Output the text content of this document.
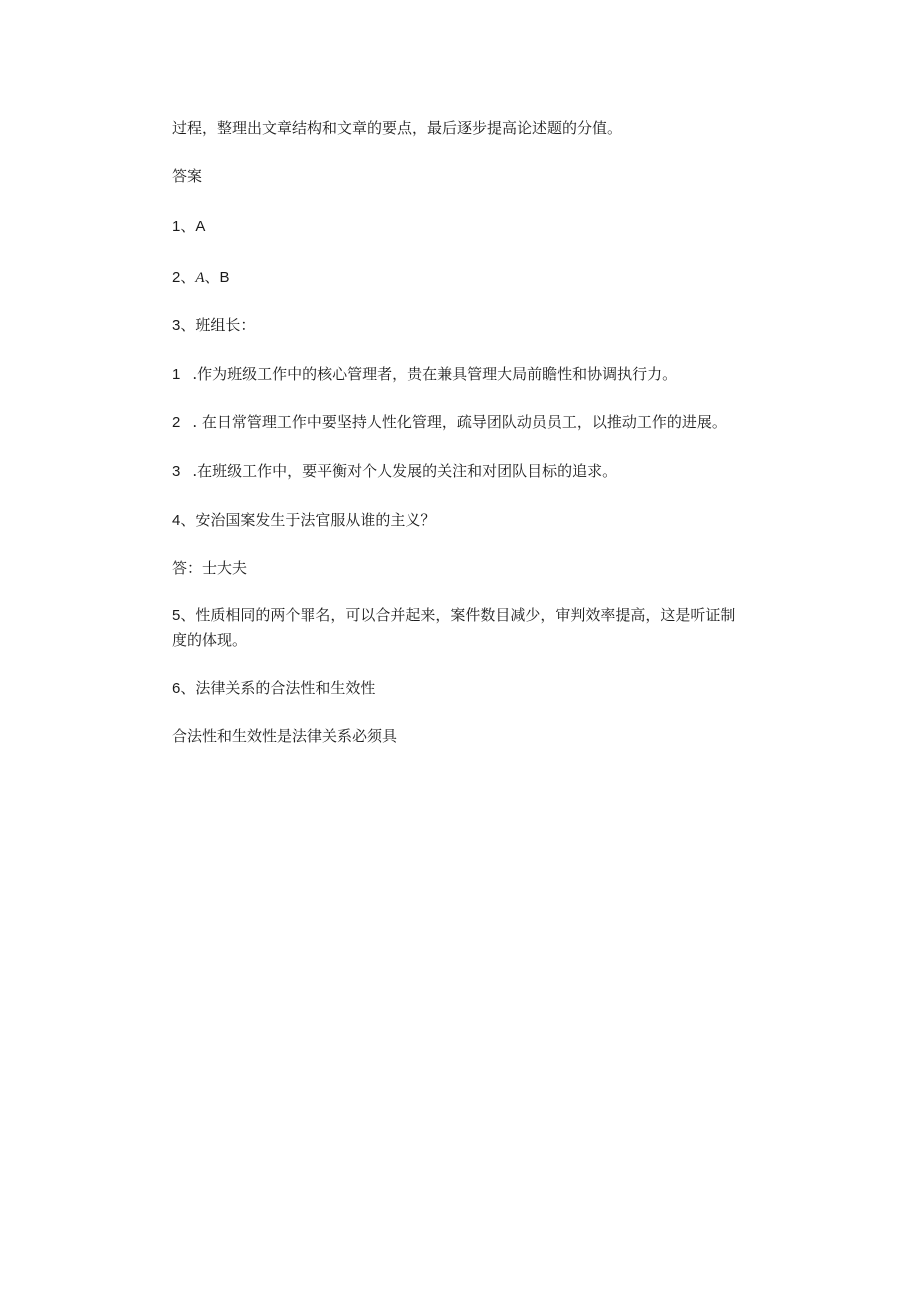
过程，整理出文章结构和文章的要点，最后逐步提高论述题的分值。

答案

1、A

2、A、B

3、班组长：

1 .作为班级工作中的核心管理者，贵在兼具管理大局前瞻性和协调执行力。

2 . 在日常管理工作中要坚持人性化管理，疏导团队动员员工，以推动工作的进展。

3 .在班级工作中，要平衡对个人发展的关注和对团队目标的追求。

4、安治国案发生于法官服从谁的主义？

答：士大夫

5、性质相同的两个罪名，可以合并起来，案件数目减少，审判效率提高，这是听证制度的体现。

6、法律关系的合法性和生效性

合法性和生效性是法律关系必须具
